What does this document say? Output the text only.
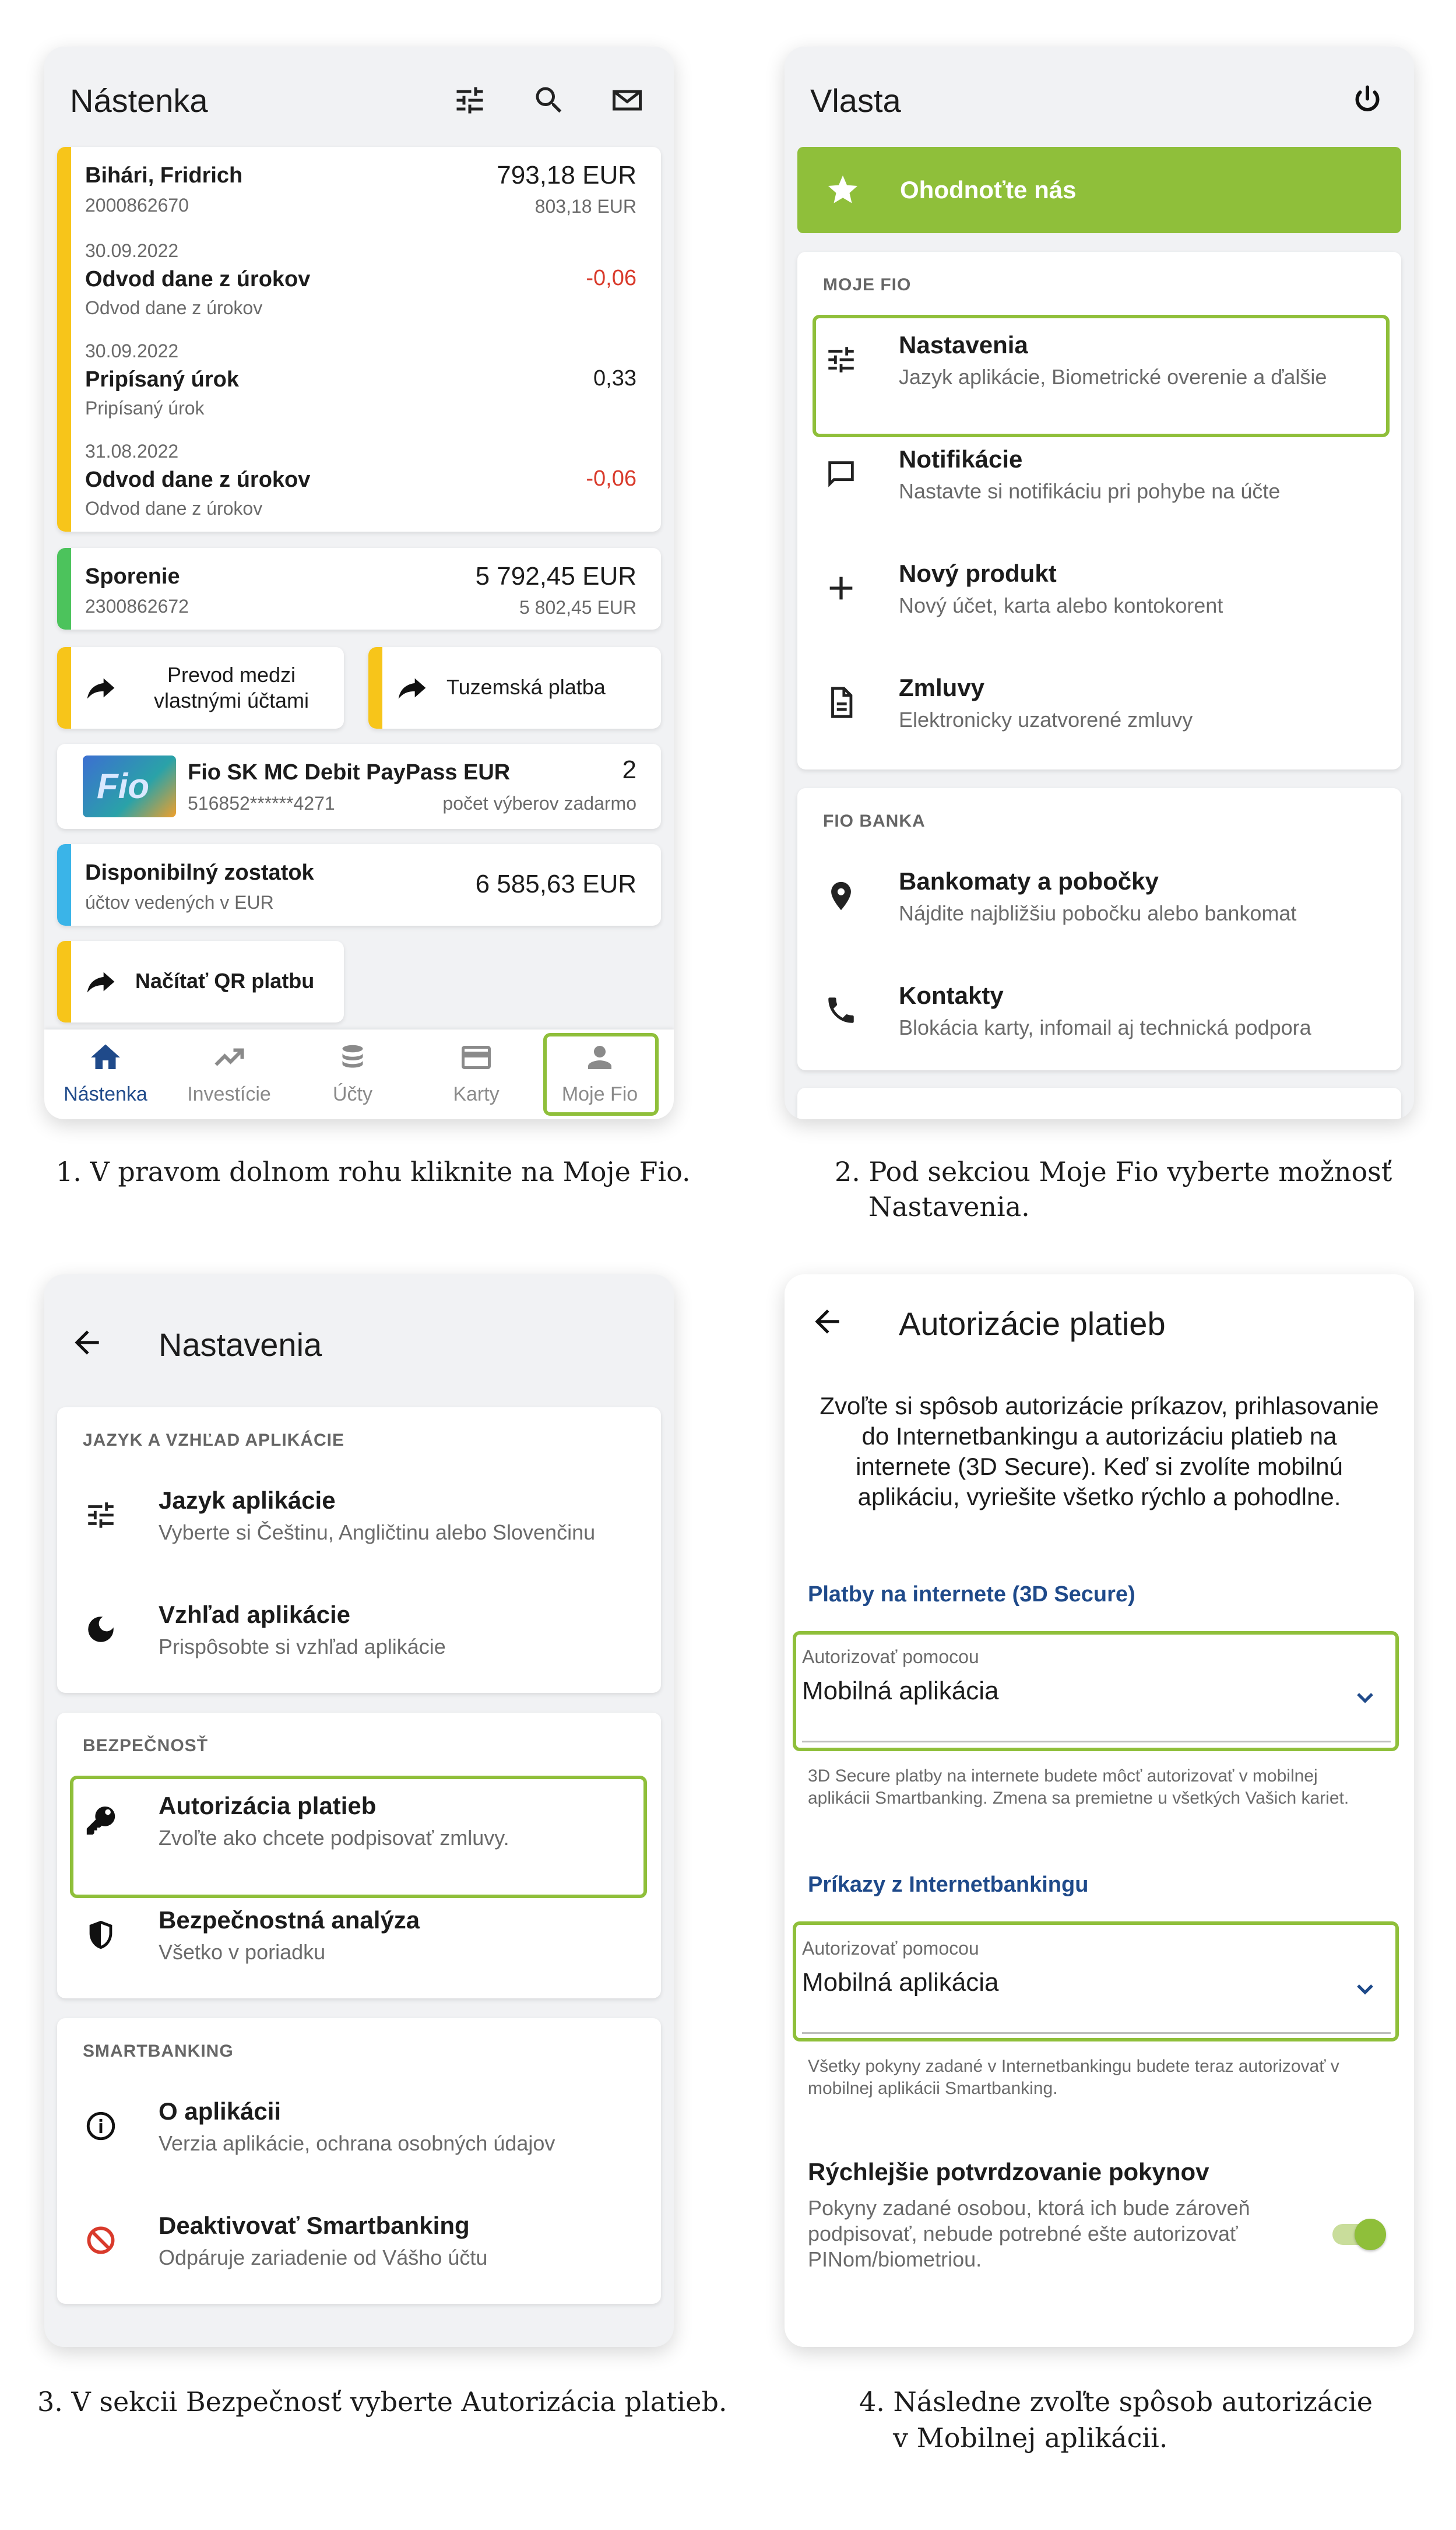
Nástenka
Bihári, Fridrich
2000862670
793,18 EUR
803,18 EUR
30.09.2022
Odvod dane z úrokov
Odvod dane z úrokov
-0,06
30.09.2022
Pripísaný úrok
Pripísaný úrok
0,33
31.08.2022
Odvod dane z úrokov
Odvod dane z úrokov
-0,06
Sporenie
2300862672
5 792,45 EUR
5 802,45 EUR
Prevod medzi vlastnými účtami
Tuzemská platba
Fio Fio SK MC Debit PayPass EUR
516852******4271
2
počet výberov zadarmo
Disponibilný zostatok
účtov vedených v EUR
6 585,63 EUR
Načítať QR platbu
Nástenka	Investície	Účty	Karty	Moje Fio
1. V pravom dolnom rohu kliknite na Moje Fio.
Vlasta
Ohodnoťte nás
MOJE FIO
Nastavenia
Jazyk aplikácie, Biometrické overenie a ďalšie
Notifikácie
Nastavte si notifikáciu pri pohybe na účte
Nový produkt
Nový účet, karta alebo kontokorent
Zmluvy
Elektronicky uzatvorené zmluvy
FIO BANKA
Bankomaty a pobočky
Nájdite najbližšiu pobočku alebo bankomat
Kontakty
Blokácia karty, infomail aj technická podpora
2. Pod sekciou Moje Fio vyberte možnosť
Nastavenia.
Nastavenia
JAZYK A VZHĽAD APLIKÁCIE
Jazyk aplikácie
Vyberte si Češtinu, Angličtinu alebo Slovenčinu
Vzhľad aplikácie
Prispôsobte si vzhľad aplikácie
BEZPEČNOSŤ
Autorizácia platieb
Zvoľte ako chcete podpisovať zmluvy.
Bezpečnostná analýza
Všetko v poriadku
SMARTBANKING
O aplikácii
Verzia aplikácie, ochrana osobných údajov
Deaktivovať Smartbanking
Odpáruje zariadenie od Vášho účtu
3. V sekcii Bezpečnosť vyberte Autorizácia platieb.
Autorizácie platieb
Zvoľte si spôsob autorizácie príkazov, prihlasovanie do Internetbankingu a autorizáciu platieb na internete (3D Secure). Keď si zvolíte mobilnú aplikáciu, vyriešite všetko rýchlo a pohodlne.
Platby na internete (3D Secure)
Autorizovať pomocou
Mobilná aplikácia
3D Secure platby na internete budete môcť autorizovať v mobilnej aplikácii Smartbanking. Zmena sa premietne u všetkých Vašich kariet.
Príkazy z Internetbankingu
Autorizovať pomocou
Mobilná aplikácia
Všetky pokyny zadané v Internetbankingu budete teraz autorizovať v mobilnej aplikácii Smartbanking.
Rýchlejšie potvrdzovanie pokynov
Pokyny zadané osobou, ktorá ich bude zároveň podpisovať, nebude potrebné ešte autorizovať PINom/biometriou.
4. Následne zvoľte spôsob autorizácie
v Mobilnej aplikácii.
